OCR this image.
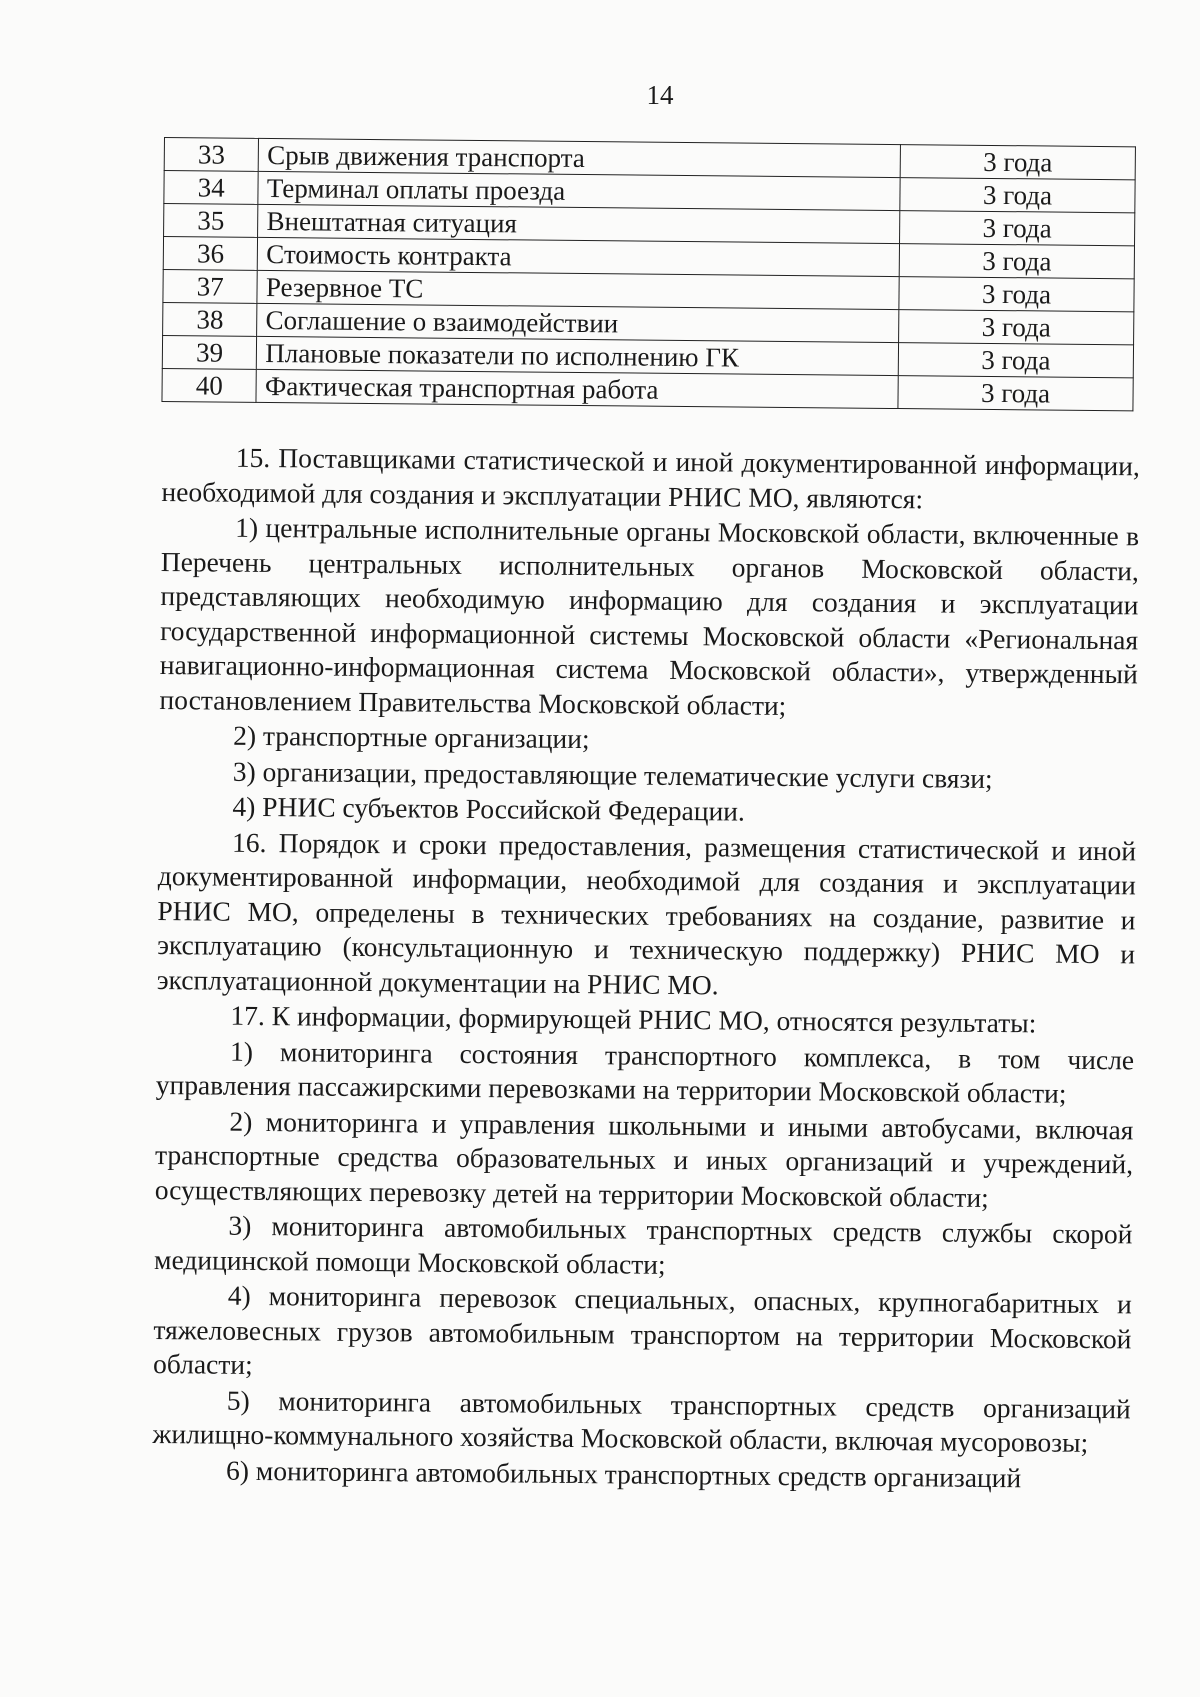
14
33	Срыв движения транспорта	3 года
34	Терминал оплаты проезда	3 года
35	Внештатная ситуация	3 года
36	Стоимость контракта	3 года
37	Резервное ТС	3 года
38	Соглашение о взаимодействии	3 года
39	Плановые показатели по исполнению ГК	3 года
40	Фактическая транспортная работа	3 года

15. Поставщиками статистической и иной документированной информации, необходимой для создания и эксплуатации РНИС МО, являются:

1) центральные исполнительные органы Московской области, включенные в Перечень центральных исполнительных органов Московской области, представляющих необходимую информацию для создания и эксплуатации государственной информационной системы Московской области «Региональная навигационно-информационная система Московской области», утвержденный постановлением Правительства Московской области;

2) транспортные организации;

3) организации, предоставляющие телематические услуги связи;

4) РНИС субъектов Российской Федерации.

16. Порядок и сроки предоставления, размещения статистической и иной документированной информации, необходимой для создания и эксплуатации РНИС МО, определены в технических требованиях на создание, развитие и эксплуатацию (консультационную и техническую поддержку) РНИС МО и эксплуатационной документации на РНИС МО.

17. К информации, формирующей РНИС МО, относятся результаты:

1) мониторинга состояния транспортного комплекса, в том числе управления пассажирскими перевозками на территории Московской области;

2) мониторинга и управления школьными и иными автобусами, включая транспортные средства образовательных и иных организаций и учреждений, осуществляющих перевозку детей на территории Московской области;

3) мониторинга автомобильных транспортных средств службы скорой медицинской помощи Московской области;

4) мониторинга перевозок специальных, опасных, крупногабаритных и тяжеловесных грузов автомобильным транспортом на территории Московской области;

5) мониторинга автомобильных транспортных средств организаций жилищно-коммунального хозяйства Московской области, включая мусоровозы;

6) мониторинга автомобильных транспортных средств организаций
